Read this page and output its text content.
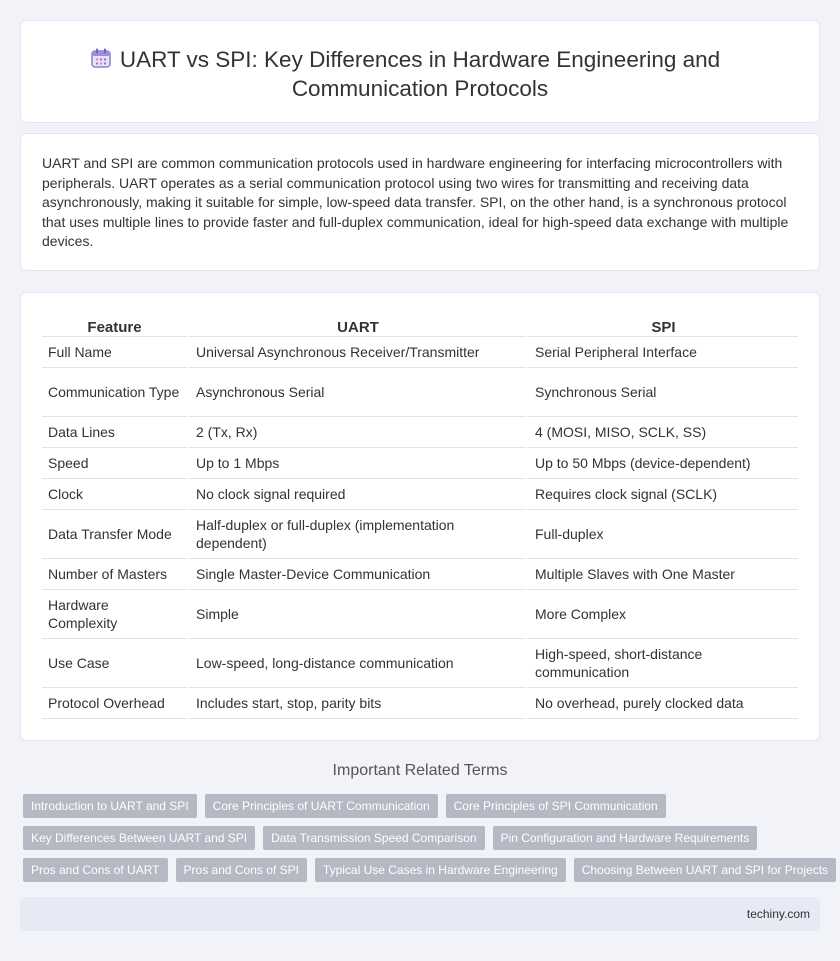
UART vs SPI: Key Differences in Hardware Engineering and Communication Protocols

UART and SPI are common communication protocols used in hardware engineering for interfacing microcontrollers with peripherals. UART operates as a serial communication protocol using two wires for transmitting and receiving data asynchronously, making it suitable for simple, low-speed data transfer. SPI, on the other hand, is a synchronous protocol that uses multiple lines to provide faster and full-duplex communication, ideal for high-speed data exchange with multiple devices.

Feature	UART	SPI
Full Name	Universal Asynchronous Receiver/Transmitter	Serial Peripheral Interface
Communication Type	Asynchronous Serial	Synchronous Serial
Data Lines	2 (Tx, Rx)	4 (MOSI, MISO, SCLK, SS)
Speed	Up to 1 Mbps	Up to 50 Mbps (device-dependent)
Clock	No clock signal required	Requires clock signal (SCLK)
Data Transfer Mode	Half-duplex or full-duplex (implementation dependent)	Full-duplex
Number of Masters	Single Master-Device Communication	Multiple Slaves with One Master
Hardware Complexity	Simple	More Complex
Use Case	Low-speed, long-distance communication	High-speed, short-distance communication
Protocol Overhead	Includes start, stop, parity bits	No overhead, purely clocked data
Important Related Terms
Introduction to UART and SPI	Core Principles of UART Communication	Core Principles of SPI Communication
Key Differences Between UART and SPI	Data Transmission Speed Comparison	Pin Configuration and Hardware Requirements
Pros and Cons of UART	Pros and Cons of SPI	Typical Use Cases in Hardware Engineering	Choosing Between UART and SPI for Projects
techiny.com
